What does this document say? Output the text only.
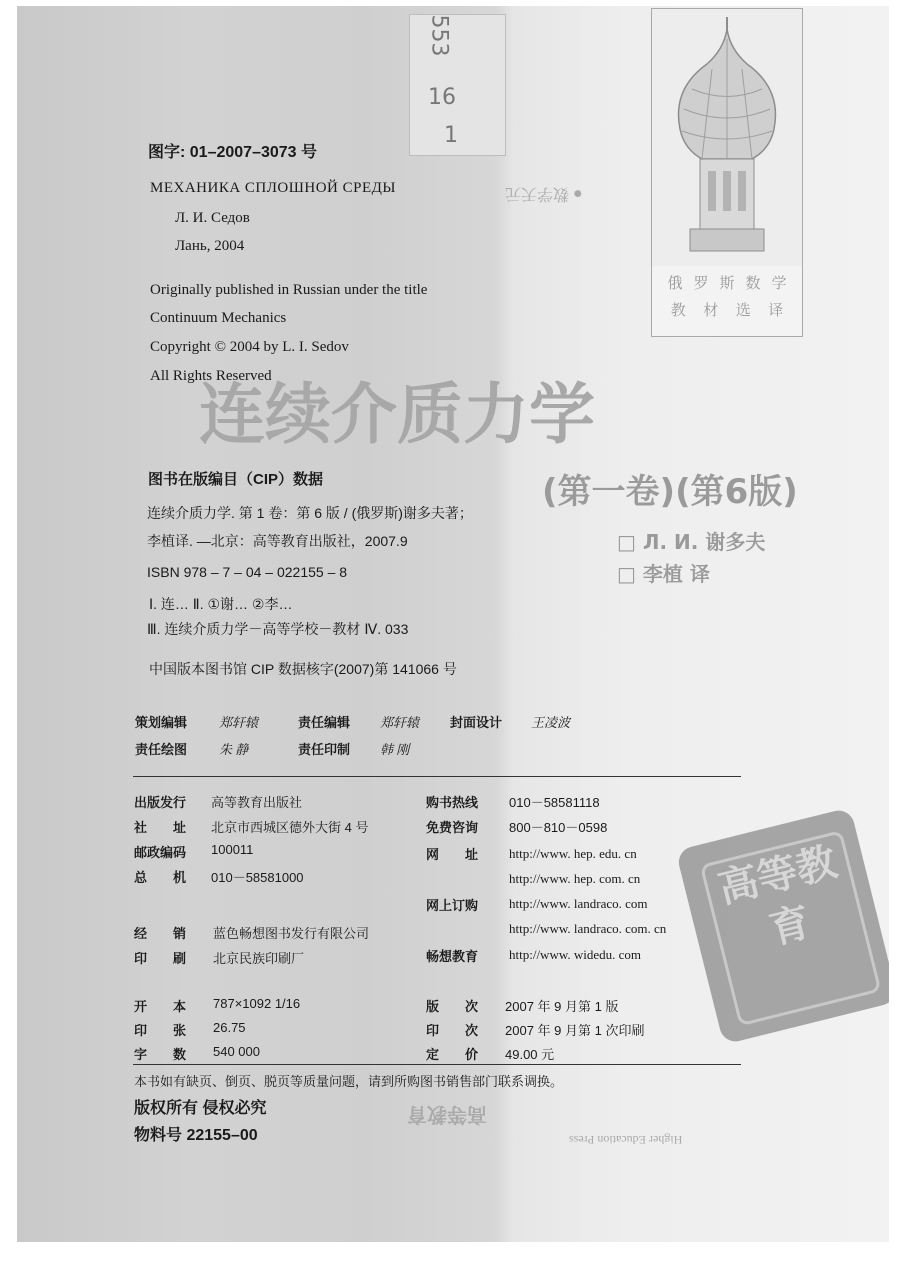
553
16
1
俄 罗 斯 数 学
教 材 选 译
连续介质力学
(第一卷)(第6版)
□ Л. И. 谢多夫
□ 李植 译
● 数学天元
图字: 01–2007–3073 号
МЕХАНИКА СПЛОШНОЙ СРЕДЫ
Л. И. Седов
Лань, 2004
Originally published in Russian under the title
Continuum Mechanics
Copyright © 2004 by L. I. Sedov
All Rights Reserved
图书在版编目（CIP）数据
连续介质力学. 第 1 卷：第 6 版 / (俄罗斯)谢多夫著；
李植译. —北京：高等教育出版社，2007.9
ISBN 978 – 7 – 04 – 022155 – 8
Ⅰ. 连… Ⅱ. ①谢… ②李…
Ⅲ. 连续介质力学－高等学校－教材 Ⅳ. 033
中国版本图书馆 CIP 数据核字(2007)第 141066 号
策划编辑 郑轩辕	责任编辑 郑轩辕 封面设计 王凌波
责任绘图 朱 静	责任印制 韩 刚
出版发行 高等教育出版社
社　　址 北京市西城区德外大街 4 号
邮政编码 100011
总　　机 010－58581000
经　　销 蓝色畅想图书发行有限公司
印　　刷 北京民族印刷厂
购书热线 010－58581118
免费咨询 800－810－0598
网　　址 http://www. hep. edu. cn
http://www. hep. com. cn
网上订购 http://www. landraco. com
http://www. landraco. com. cn
畅想教育 http://www. widedu. com
开　　本 787×1092 1/16
印　　张 26.75
字　　数 540 000
版　　次 2007 年 9 月第 1 版
印　　次 2007 年 9 月第 1 次印刷
定　　价 49.00 元
本书如有缺页、倒页、脱页等质量问题，请到所购图书销售部门联系调换。
版权所有 侵权必究
物料号 22155–00
高等教育
Higher Education Press
高等教育
